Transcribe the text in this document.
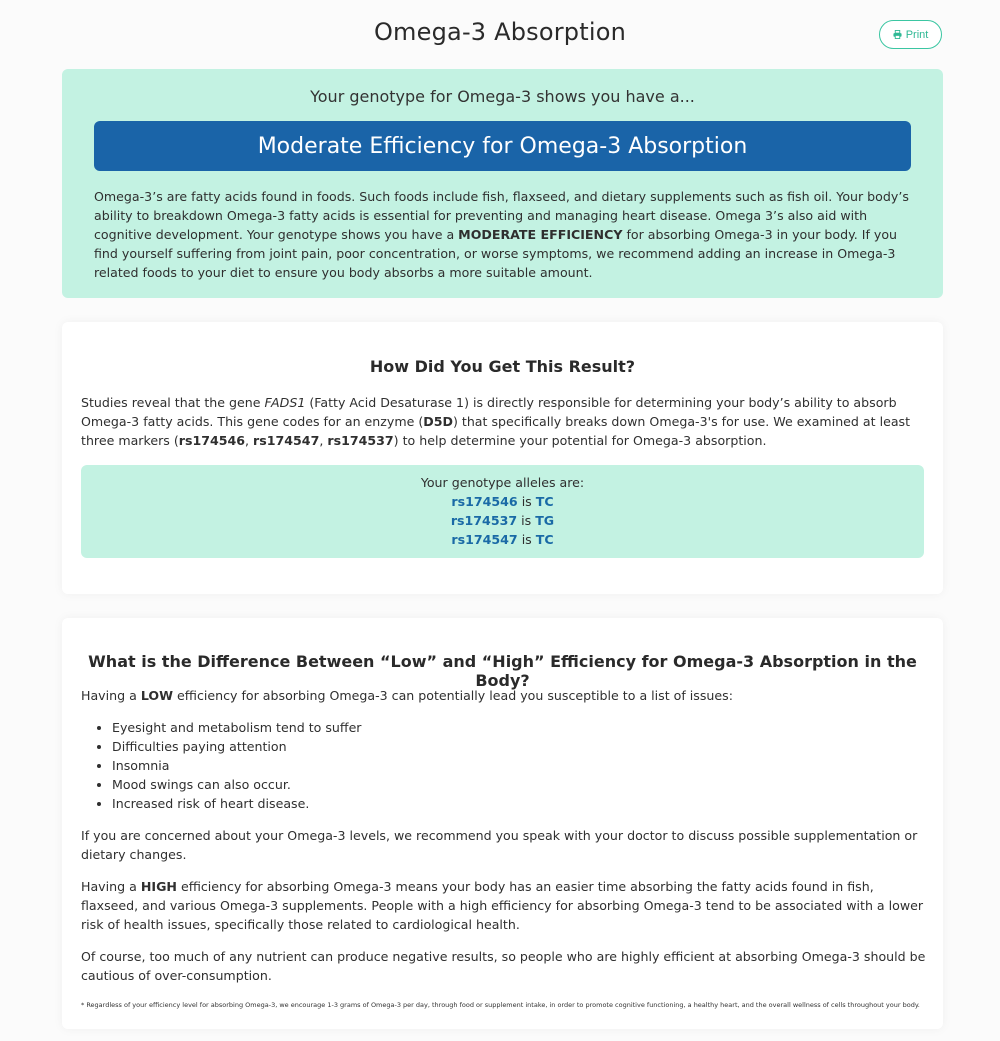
Omega-3 Absorption	Print
Your genotype for Omega-3 shows you have a...
Moderate Efficiency for Omega-3 Absorption

Omega-3’s are fatty acids found in foods. Such foods include fish, flaxseed, and dietary supplements such as fish oil. Your body’s ability to breakdown Omega-3 fatty acids is essential for preventing and managing heart disease. Omega 3’s also aid with cognitive development. Your genotype shows you have a MODERATE EFFICIENCY for absorbing Omega-3 in your body. If you find yourself suffering from joint pain, poor concentration, or worse symptoms, we recommend adding an increase in Omega-3 related foods to your diet to ensure you body absorbs a more suitable amount.

How Did You Get This Result?

Studies reveal that the gene FADS1 (Fatty Acid Desaturase 1) is directly responsible for determining your body’s ability to absorb Omega-3 fatty acids. This gene codes for an enzyme (D5D) that specifically breaks down Omega-3's for use. We examined at least three markers (rs174546, rs174547, rs174537) to help determine your potential for Omega-3 absorption.

Your genotype alleles are:
rs174546 is TC
rs174537 is TG
rs174547 is TC
What is the Difference Between “Low” and “High” Efficiency for Omega-3 Absorption in the Body?

Having a LOW efficiency for absorbing Omega-3 can potentially lead you susceptible to a list of issues:

• Eyesight and metabolism tend to suffer
• Difficulties paying attention
• Insomnia
• Mood swings can also occur.
• Increased risk of heart disease.

If you are concerned about your Omega-3 levels, we recommend you speak with your doctor to discuss possible supplementation or dietary changes.

Having a HIGH efficiency for absorbing Omega-3 means your body has an easier time absorbing the fatty acids found in fish, flaxseed, and various Omega-3 supplements. People with a high efficiency for absorbing Omega-3 tend to be associated with a lower risk of health issues, specifically those related to cardiological health.

Of course, too much of any nutrient can produce negative results, so people who are highly efficient at absorbing Omega-3 should be cautious of over-consumption.

* Regardless of your efficiency level for absorbing Omega-3, we encourage 1-3 grams of Omega-3 per day, through food or supplement intake, in order to promote cognitive functioning, a healthy heart, and the overall wellness of cells throughout your body.
